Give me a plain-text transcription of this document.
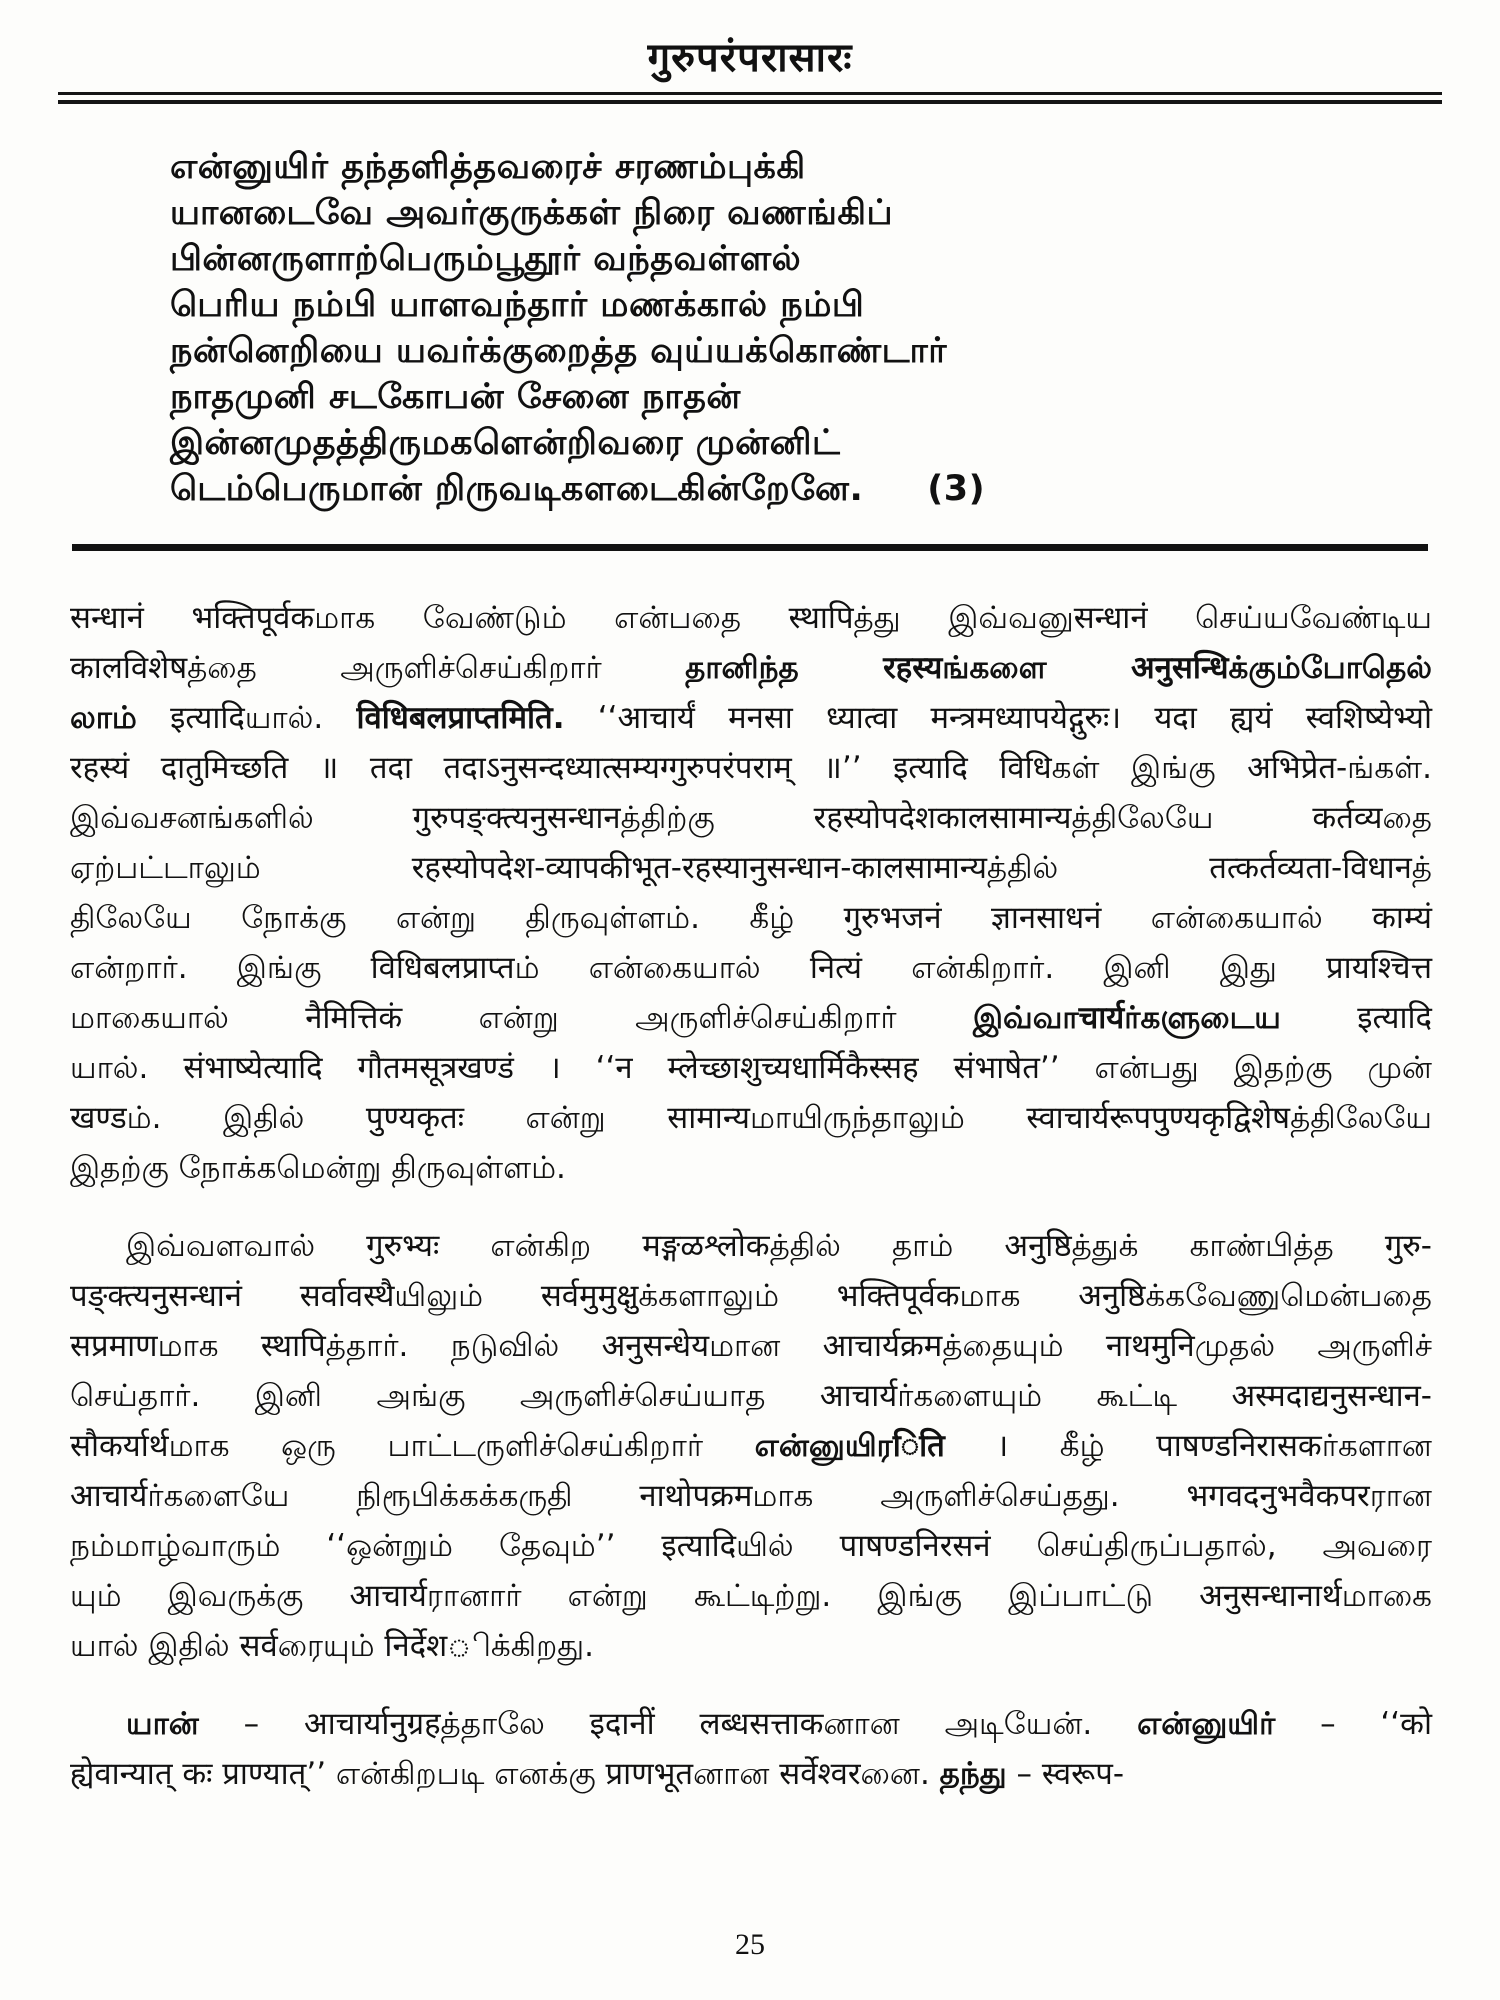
गुरुपरंपरासारः
என்னுயிர் தந்தளித்தவரைச் சரணம்புக்கி
யானடைவே அவர்குருக்கள் நிரை வணங்கிப்
பின்னருளாற்பெரும்பூதூர் வந்தவள்ளல்
பெரிய நம்பி யாளவந்தார் மணக்கால் நம்பி
நன்னெறியை யவர்க்குறைத்த வுய்யக்கொண்டார்
நாதமுனி சடகோபன் சேனை நாதன்
இன்னமுதத்திருமகளென்றிவரை முன்னிட்
டெம்பெருமான் றிருவடிகளடைகின்றேனே. (3)
सन्धानं भक्तिपूर्वकமாக வேண்டும் என்பதை स्थापिத்து இவ்வனுसन्धानं செய்யவேண்டிய
कालविशेषத்தை அருளிச்செய்கிறார் தானிந்த रहस्यங்களை अनुसन्धिக்கும்போதெல்
லாம் इत्यादिயால். विधिबलप्राप्तमिति. ‘‘आचार्यं मनसा ध्यात्वा मन्त्रमध्यापयेद्गुरुः। यदा ह्ययं स्वशिष्येभ्यो
रहस्यं दातुमिच्छति ॥ तदा तदाऽनुसन्दध्यात्सम्यग्गुरुपरंपराम् ॥’’ इत्यादि विधिகள் இங்கு अभिप्रेत-ங்கள்.
இவ்வசனங்களில் गुरुपङ्क्त्यनुसन्धानத்திற்கு रहस्योपदेशकालसामान्यத்திலேயே कर्तव्यதை
ஏற்பட்டாலும் रहस्योपदेश-व्यापकीभूत-रहस्यानुसन्धान-कालसामान्यத்தில் तत्कर्तव्यता-विधानத்
திலேயே நோக்கு என்று திருவுள்ளம். கீழ் गुरुभजनं ज्ञानसाधनं என்கையால் काम्यं
என்றார். இங்கு विधिबलप्राप्तம் என்கையால் नित्यं என்கிறார். இனி இது प्रायश्चित्त
மாகையால் नैमित्तिकं என்று அருளிச்செய்கிறார் இவ்வாचार्यர்களுடைய इत्यादि
யால். संभाष्येत्यादि गौतमसूत्रखण्डं । ‘‘न म्लेच्छाशुच्यधार्मिकैस्सह संभाषेत’’ என்பது இதற்கு முன்
खण्डம். இதில் पुण्यकृतः என்று सामान्यமாயிருந்தாலும் स्वाचार्यरूपपुण्यकृद्विशेषத்திலேயே
இதற்கு நோக்கமென்று திருவுள்ளம்.
இவ்வளவால் गुरुभ्यः என்கிற मङ्गळश्लोकத்தில் தாம் अनुष्ठिத்துக் காண்பித்த गुरु-
पङ्क्त्यनुसन्धानं सर्वावस्थैயிலும் सर्वमुमुक्षुக்களாலும் भक्तिपूर्वकமாக अनुष्ठिக்கவேணுமென்பதை
सप्रमाणமாக स्थापिத்தார். நடுவில் अनुसन्धेयமான आचार्यक्रमத்தையும் नाथमुनिமுதல் அருளிச்
செய்தார். இனி அங்கு அருளிச்செய்யாத आचार्यர்களையும் கூட்டி अस्मदाद्यनुसन्धान-
सौकर्यार्थமாக ஒரு பாட்டருளிச்செய்கிறார் என்னுயிரिति । கீழ் पाषण्डनिरासकர்களான
आचार्यர்களையே நிரூபிக்கக்கருதி नाथोपक्रमமாக அருளிச்செய்தது. भगवदनुभवैकपरரான
நம்மாழ்வாரும் ‘‘ஒன்றும் தேவும்’’ इत्यादिயில் पाषण्डनिरसनं செய்திருப்பதால், அவரை
யும் இவருக்கு आचार्यரானார் என்று கூட்டிற்று. இங்கு இப்பாட்டு अनुसन्धानार्थமாகை
யால் இதில் सर्वரையும் निर्देशிக்கிறது.
யான் – आचार्यानुग्रहத்தாலே इदानीं लब्धसत्ताकனான அடியேன். என்னுயிர் – ‘‘को
ह्येवान्यात् कः प्राण्यात्’’ என்கிறபடி எனக்கு प्राणभूतனான सर्वेश्वरனை. தந்து – स्वरूप-
25
